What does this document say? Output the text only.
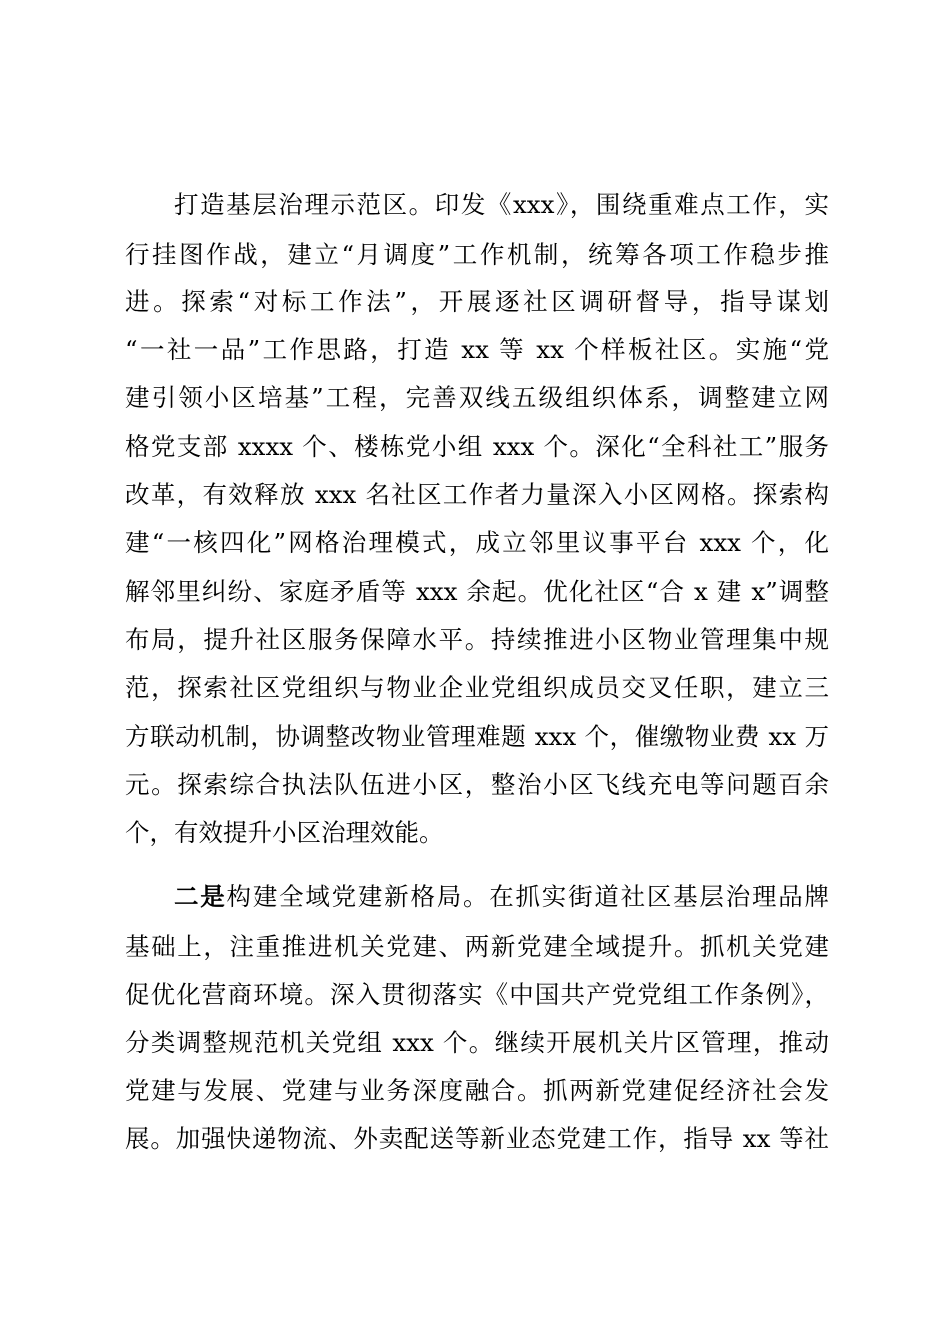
打造基层治理示范区。印发《xxx》，围绕重难点工作，实
行挂图作战，建立“月调度”工作机制，统筹各项工作稳步推
进。探索“对标工作法”，开展逐社区调研督导，指导谋划
“一社一品”工作思路，打造 xx 等 xx 个样板社区。实施“党
建引领小区培基”工程，完善双线五级组织体系，调整建立网
格党支部 xxxx 个、楼栋党小组 xxx 个。深化“全科社工”服务
改革，有效释放 xxx 名社区工作者力量深入小区网格。探索构
建“一核四化”网格治理模式，成立邻里议事平台 xxx 个，化
解邻里纠纷、家庭矛盾等 xxx 余起。优化社区“合 x 建 x”调整
布局，提升社区服务保障水平。持续推进小区物业管理集中规
范，探索社区党组织与物业企业党组织成员交叉任职，建立三
方联动机制，协调整改物业管理难题 xxx 个，催缴物业费 xx 万
元。探索综合执法队伍进小区，整治小区飞线充电等问题百余
个，有效提升小区治理效能。
二是构建全域党建新格局。在抓实街道社区基层治理品牌
基础上，注重推进机关党建、两新党建全域提升。抓机关党建
促优化营商环境。深入贯彻落实《中国共产党党组工作条例》，
分类调整规范机关党组 xxx 个。继续开展机关片区管理，推动
党建与发展、党建与业务深度融合。抓两新党建促经济社会发
展。加强快递物流、外卖配送等新业态党建工作，指导 xx 等社
